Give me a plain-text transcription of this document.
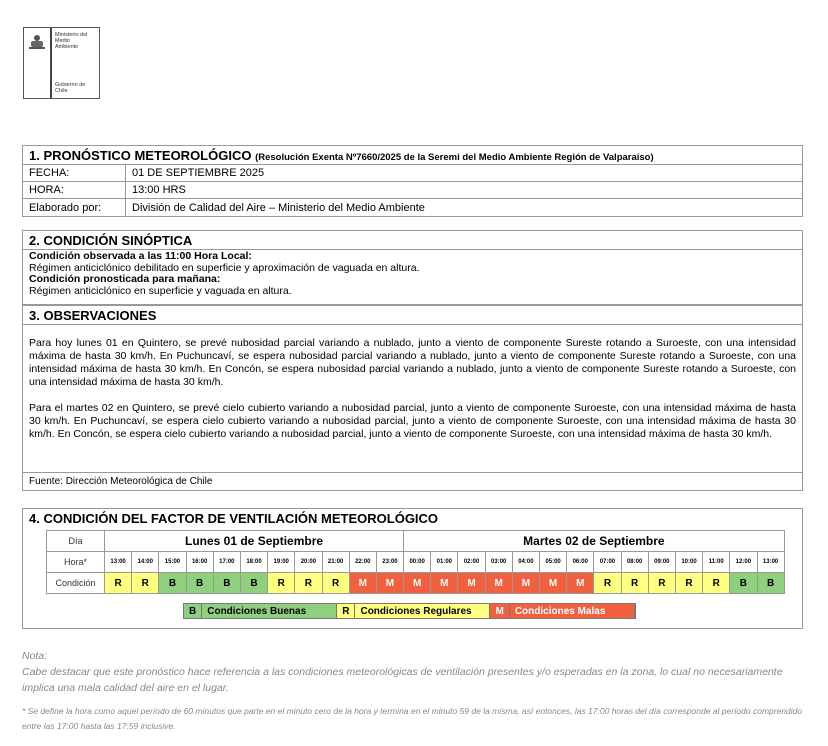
Ministerio del
Medio
Ambiente
Gobierno de Chile
1. PRONÓSTICO METEOROLÓGICO (Resolución Exenta Nº7660/2025 de la Seremi del Medio Ambiente Región de Valparaíso)
FECHA:	01 DE SEPTIEMBRE 2025
HORA:	13:00 HRS
Elaborado por:	División de Calidad del Aire – Ministerio del Medio Ambiente
2. CONDICIÓN SINÓPTICA
Condición observada a las 11:00 Hora Local:
Régimen anticiclónico debilitado en superficie y aproximación de vaguada en altura.
Condición pronosticada para mañana:
Régimen anticiclónico en superficie y vaguada en altura.
3. OBSERVACIONES

Para hoy lunes 01 en Quintero, se prevé nubosidad parcial variando a nublado, junto a viento de componente Sureste rotando a Suroeste, con una intensidad máxima de hasta 30 km/h. En Puchuncaví, se espera nubosidad parcial variando a nublado, junto a viento de componente Sureste rotando a Suroeste, con una intensidad máxima de hasta 30 km/h. En Concón, se espera nubosidad parcial variando a nublado, junto a viento de componente Sureste rotando a Suroeste, con una intensidad máxima de hasta 30 km/h.

Para el martes 02 en Quintero, se prevé cielo cubierto variando a nubosidad parcial, junto a viento de componente Suroeste, con una intensidad máxima de hasta 30 km/h. En Puchuncaví, se espera cielo cubierto variando a nubosidad parcial, junto a viento de componente Suroeste, con una intensidad máxima de hasta 30 km/h. En Concón, se espera cielo cubierto variando a nubosidad parcial, junto a viento de componente Suroeste, con una intensidad máxima de hasta 30 km/h.

Fuente: Dirección Meteorológica de Chile
4. CONDICIÓN DEL FACTOR DE VENTILACIÓN METEOROLÓGICO
Día	Lunes 01 de Septiembre											Martes 02 de Septiembre													
Hora*	13:00	14:00	15:00	16:00	17:00	18:00	19:00	20:00	21:00	22:00	23:00	00:00	01:00	02:00	03:00	04:00	05:00	06:00	07:00	08:00	09:00	10:00	11:00	12:00	13:00
Condición	R	R	B	B	B	B	R	R	R	M	M	M	M	M	M	M	M	M	R	R	R	R	R	B	B
B	Condiciones Buenas	R	Condiciones Regulares	M	Condiciones Malas
Nota:
Cabe destacar que este pronóstico hace referencia a las condiciones meteorológicas de ventilación presentes y/o esperadas en la zona, lo cual no necesariamente implica una mala calidad del aire en el lugar.
* Se define la hora como aquel período de 60 minutos que parte en el minuto cero de la hora y termina en el minuto 59 de la misma, así entonces, las 17:00 horas del día corresponde al período comprendido entre las 17:00 hasta las 17:59 inclusive.
